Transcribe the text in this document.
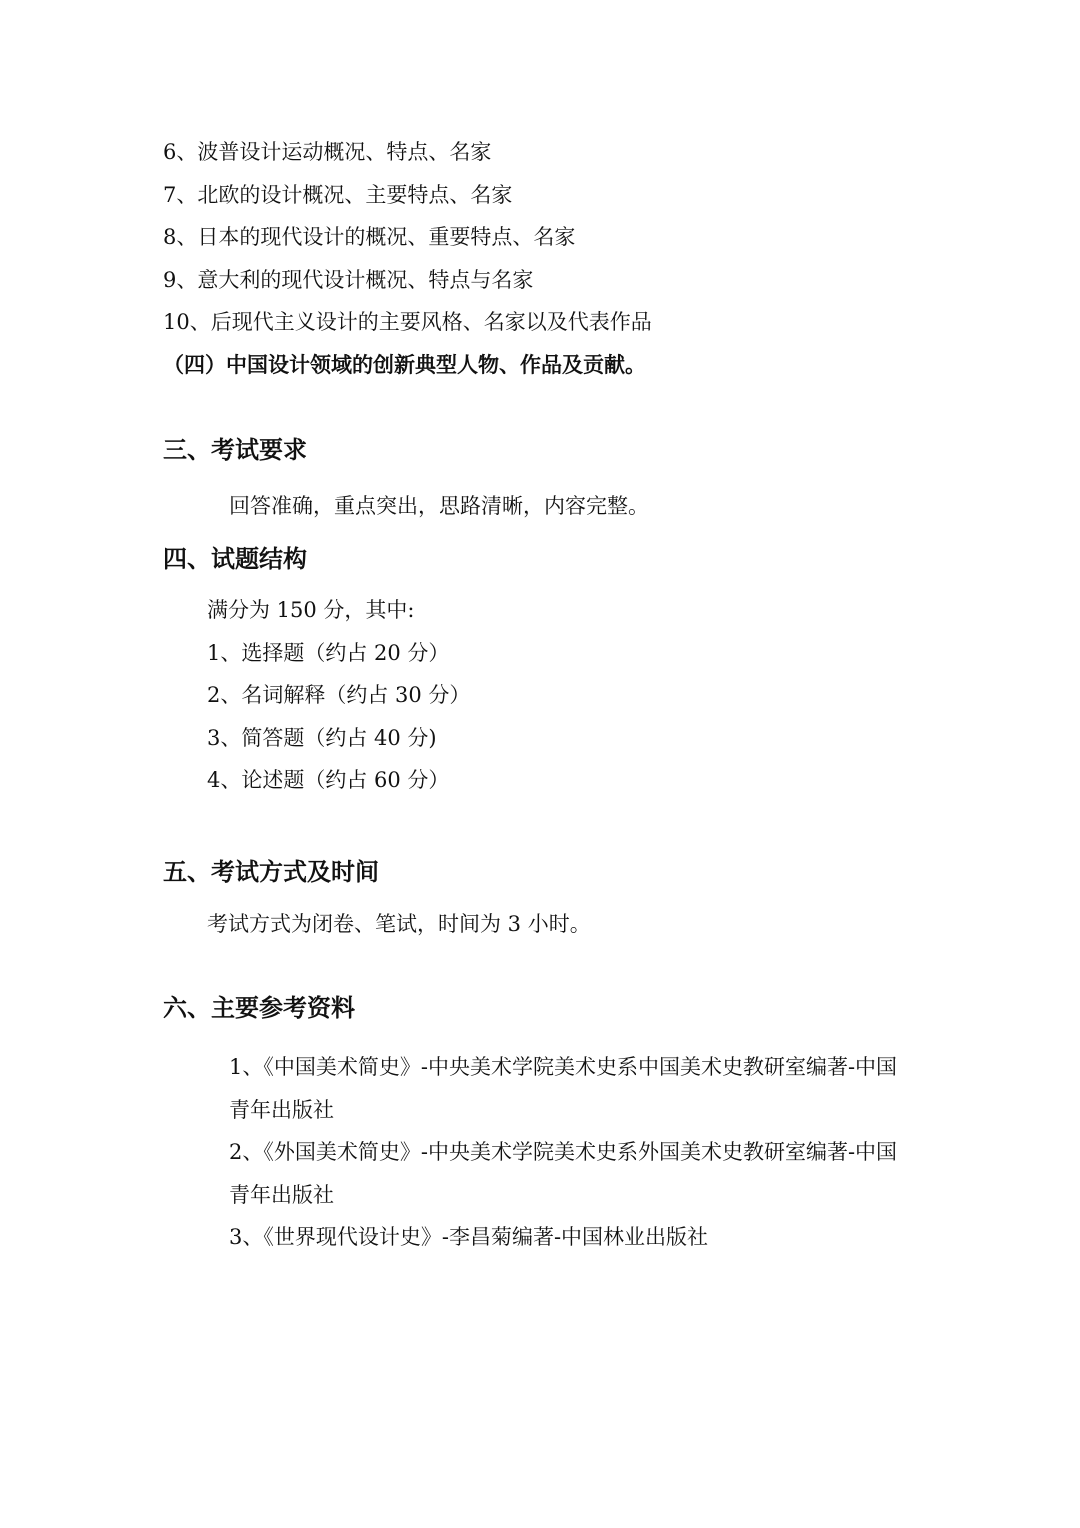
6、波普设计运动概况、特点、名家
7、北欧的设计概况、主要特点、名家
8、日本的现代设计的概况、重要特点、名家
9、意大利的现代设计概况、特点与名家
10、后现代主义设计的主要风格、名家以及代表作品
（四）中国设计领域的创新典型人物、作品及贡献。
三、考试要求
回答准确，重点突出，思路清晰，内容完整。
四、试题结构
满分为 150 分，其中:
1、选择题（约占 20 分）
2、名词解释（约占 30 分）
3、简答题（约占 40 分)
4、论述题（约占 60 分）
五、考试方式及时间
考试方式为闭卷、笔试，时间为 3 小时。
六、主要参考资料
1、《中国美术简史》-中央美术学院美术史系中国美术史教研室编著-中国
青年出版社
2、《外国美术简史》-中央美术学院美术史系外国美术史教研室编著-中国
青年出版社
3、《世界现代设计史》-李昌菊编著-中国林业出版社
